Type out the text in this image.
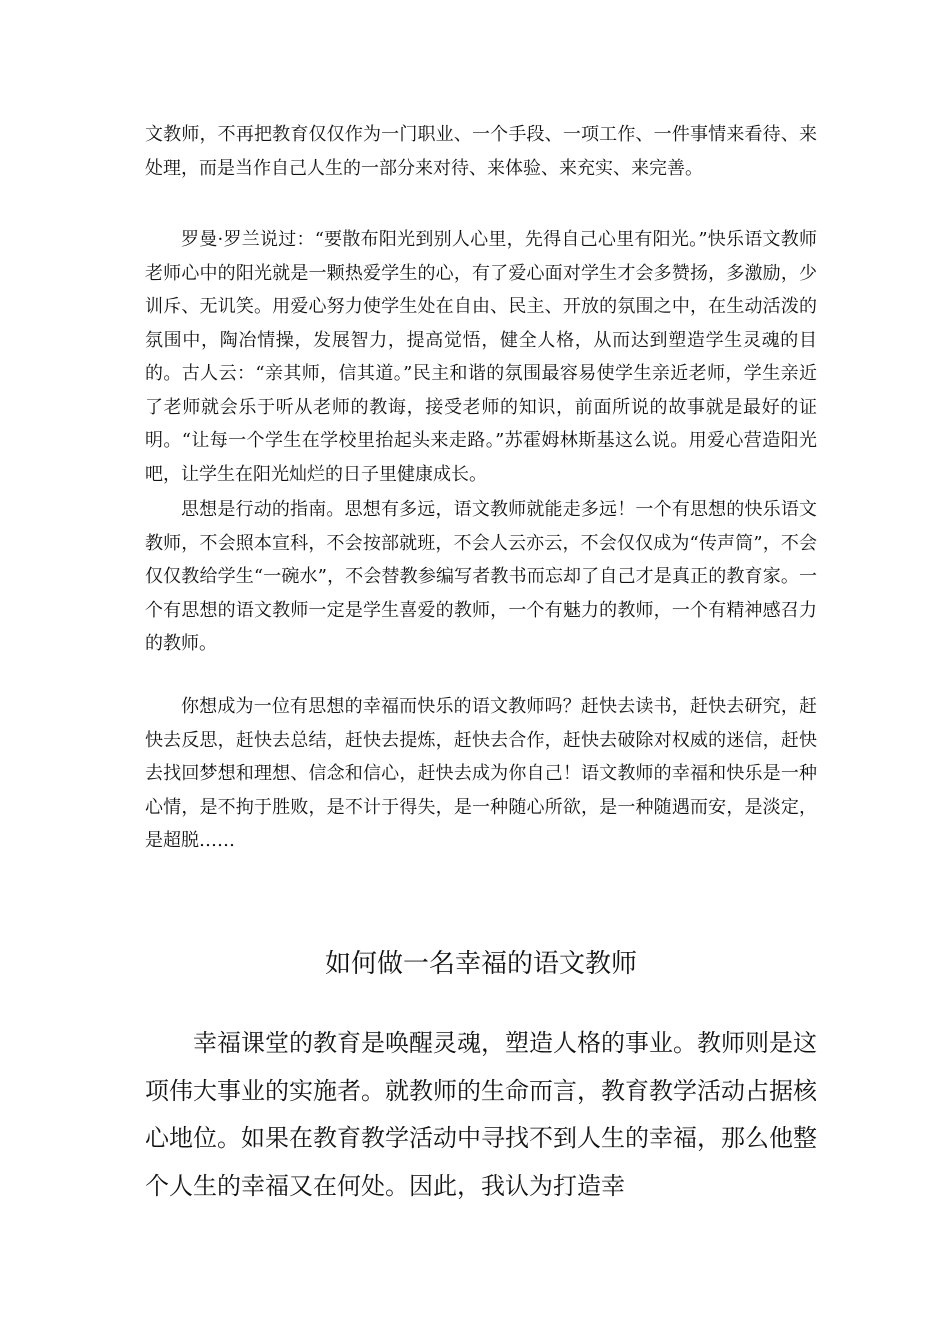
文教师，不再把教育仅仅作为一门职业、一个手段、一项工作、一件事情来看待、来处理，而是当作自己人生的一部分来对待、来体验、来充实、来完善。

罗曼·罗兰说过：“要散布阳光到别人心里，先得自己心里有阳光。”快乐语文教师老师心中的阳光就是一颗热爱学生的心，有了爱心面对学生才会多赞扬，多激励，少训斥、无讥笑。用爱心努力使学生处在自由、民主、开放的氛围之中，在生动活泼的氛围中，陶冶情操，发展智力，提高觉悟，健全人格，从而达到塑造学生灵魂的目的。古人云：“亲其师，信其道。”民主和谐的氛围最容易使学生亲近老师，学生亲近了老师就会乐于听从老师的教诲，接受老师的知识，前面所说的故事就是最好的证明。“让每一个学生在学校里抬起头来走路。”苏霍姆林斯基这么说。用爱心营造阳光吧，让学生在阳光灿烂的日子里健康成长。

思想是行动的指南。思想有多远，语文教师就能走多远！一个有思想的快乐语文教师，不会照本宣科，不会按部就班，不会人云亦云，不会仅仅成为“传声筒”，不会仅仅教给学生“一碗水”，不会替教参编写者教书而忘却了自己才是真正的教育家。一个有思想的语文教师一定是学生喜爱的教师，一个有魅力的教师，一个有精神感召力的教师。

你想成为一位有思想的幸福而快乐的语文教师吗？赶快去读书，赶快去研究，赶快去反思，赶快去总结，赶快去提炼，赶快去合作，赶快去破除对权威的迷信，赶快去找回梦想和理想、信念和信心，赶快去成为你自己！语文教师的幸福和快乐是一种心情，是不拘于胜败，是不计于得失，是一种随心所欲，是一种随遇而安，是淡定，是超脱……

如何做一名幸福的语文教师

幸福课堂的教育是唤醒灵魂，塑造人格的事业。教师则是这项伟大事业的实施者。就教师的生命而言，教育教学活动占据核心地位。如果在教育教学活动中寻找不到人生的幸福，那么他整个人生的幸福又在何处。因此，我认为打造幸
